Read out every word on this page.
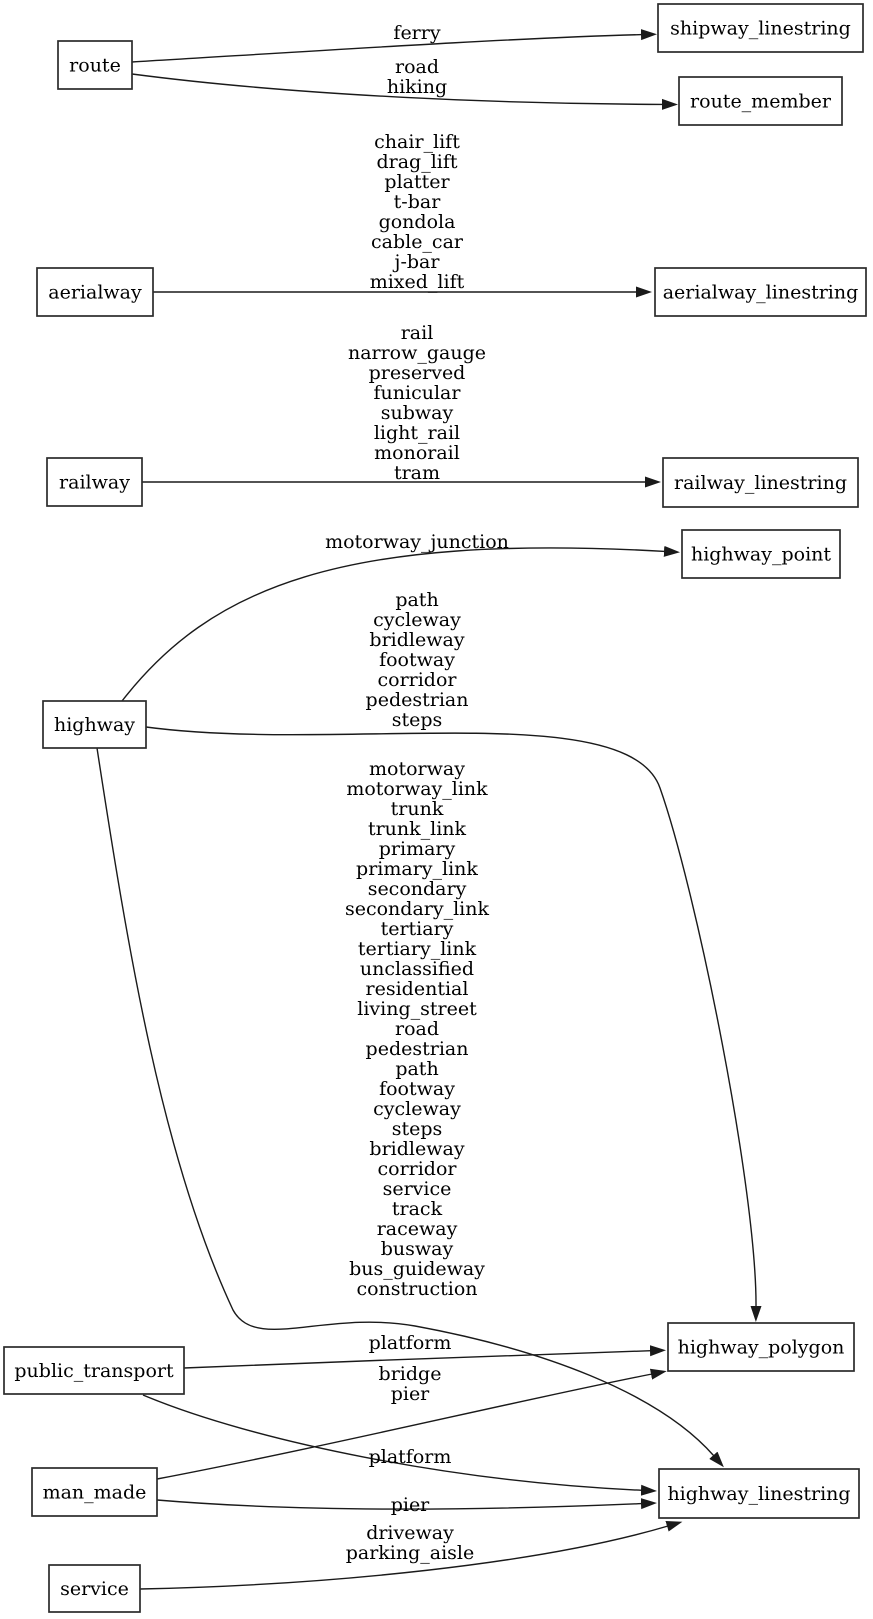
route
aerialway
railway
highway
public_transport
man_made
service
shipway_linestring
route_member
aerialway_linestring
railway_linestring
highway_point
highway_polygon
highway_linestring
ferry
road
hiking
chair_lift
drag_lift
platter
t-bar
gondola
cable_car
j-bar
mixed_lift
rail
narrow_gauge
preserved
funicular
subway
light_rail
monorail
tram
motorway_junction
path
cycleway
bridleway
footway
corridor
pedestrian
steps
motorway
motorway_link
trunk
trunk_link
primary
primary_link
secondary
secondary_link
tertiary
tertiary_link
unclassified
residential
living_street
road
pedestrian
path
footway
cycleway
steps
bridleway
corridor
service
track
raceway
busway
bus_guideway
construction
platform
bridge
pier
platform
pier
driveway
parking_aisle
